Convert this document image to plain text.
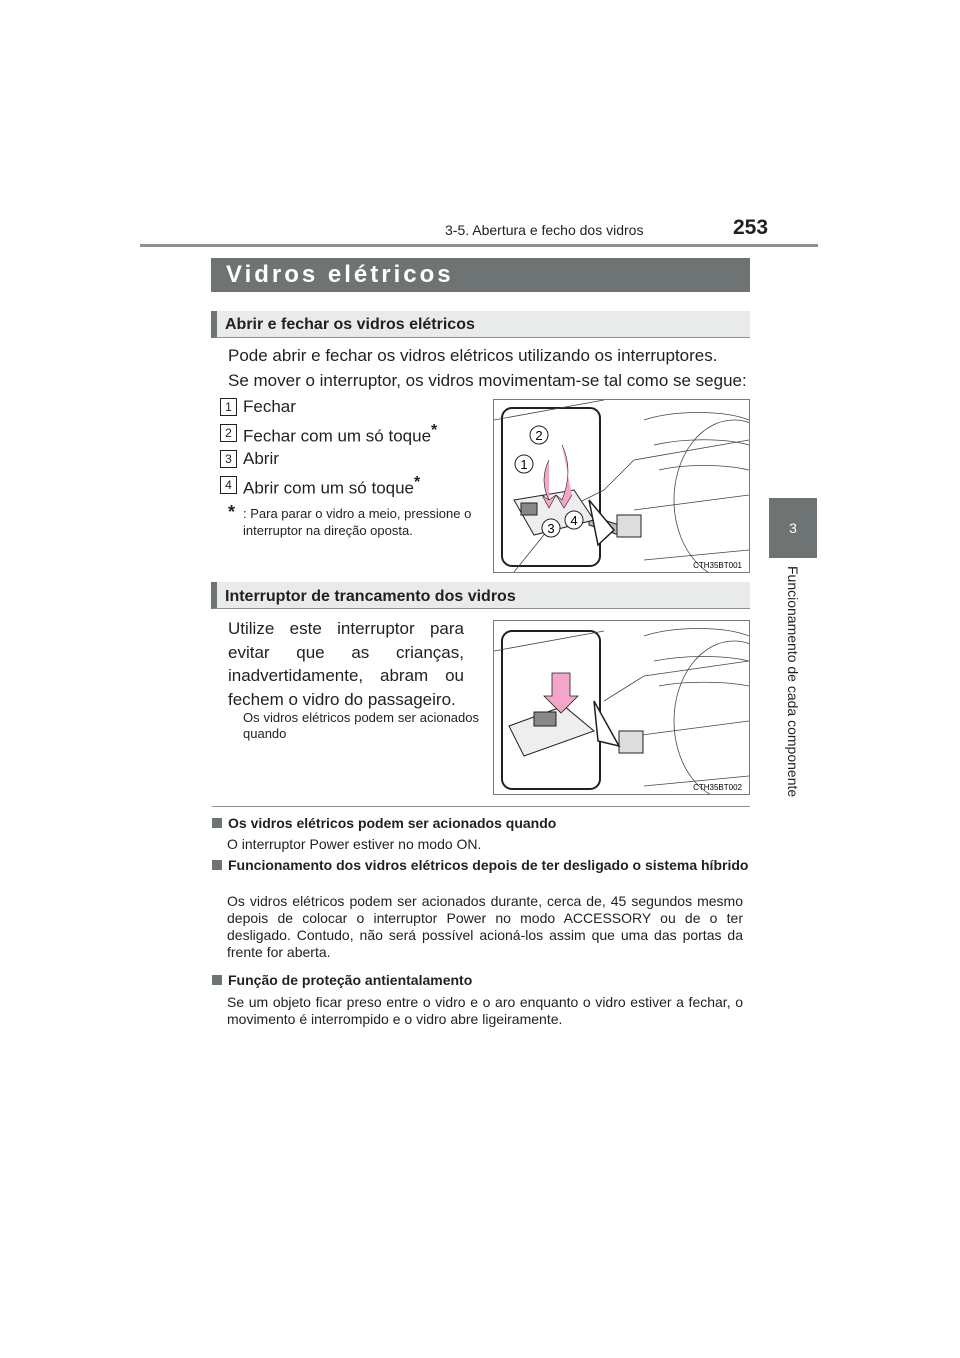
3-5. Abertura e fecho dos vidros	253
3
Funcionamento de cada componente
Vidros elétricos
Abrir e fechar os vidros elétricos
Pode abrir e fechar os vidros elétricos utilizando os interruptores.
Se mover o interruptor, os vidros movimentam-se tal como se segue:
1 Fechar
2 Fechar com um só toque*
3 Abrir
4 Abrir com um só toque*
* : Para parar o vidro a meio, pressione o interruptor na direção oposta.
2
1
3
4
CTH35BT001
Interruptor de trancamento dos vidros
Utilize este interruptor para evitar que as crianças, inadvertidamente, abram ou fechem o vidro do passageiro.
Os vidros elétricos podem ser acionados quando
CTH35BT002
Os vidros elétricos podem ser acionados quando
O interruptor Power estiver no modo ON.
Funcionamento dos vidros elétricos depois de ter desligado o sistema híbrido
Os vidros elétricos podem ser acionados durante, cerca de, 45 segundos mesmo depois de colocar o interruptor Power no modo ACCESSORY ou de o ter desligado. Contudo, não será possível acioná-los assim que uma das portas da frente for aberta.
Função de proteção antientalamento
Se um objeto ficar preso entre o vidro e o aro enquanto o vidro estiver a fechar, o movimento é interrompido e o vidro abre ligeiramente.
